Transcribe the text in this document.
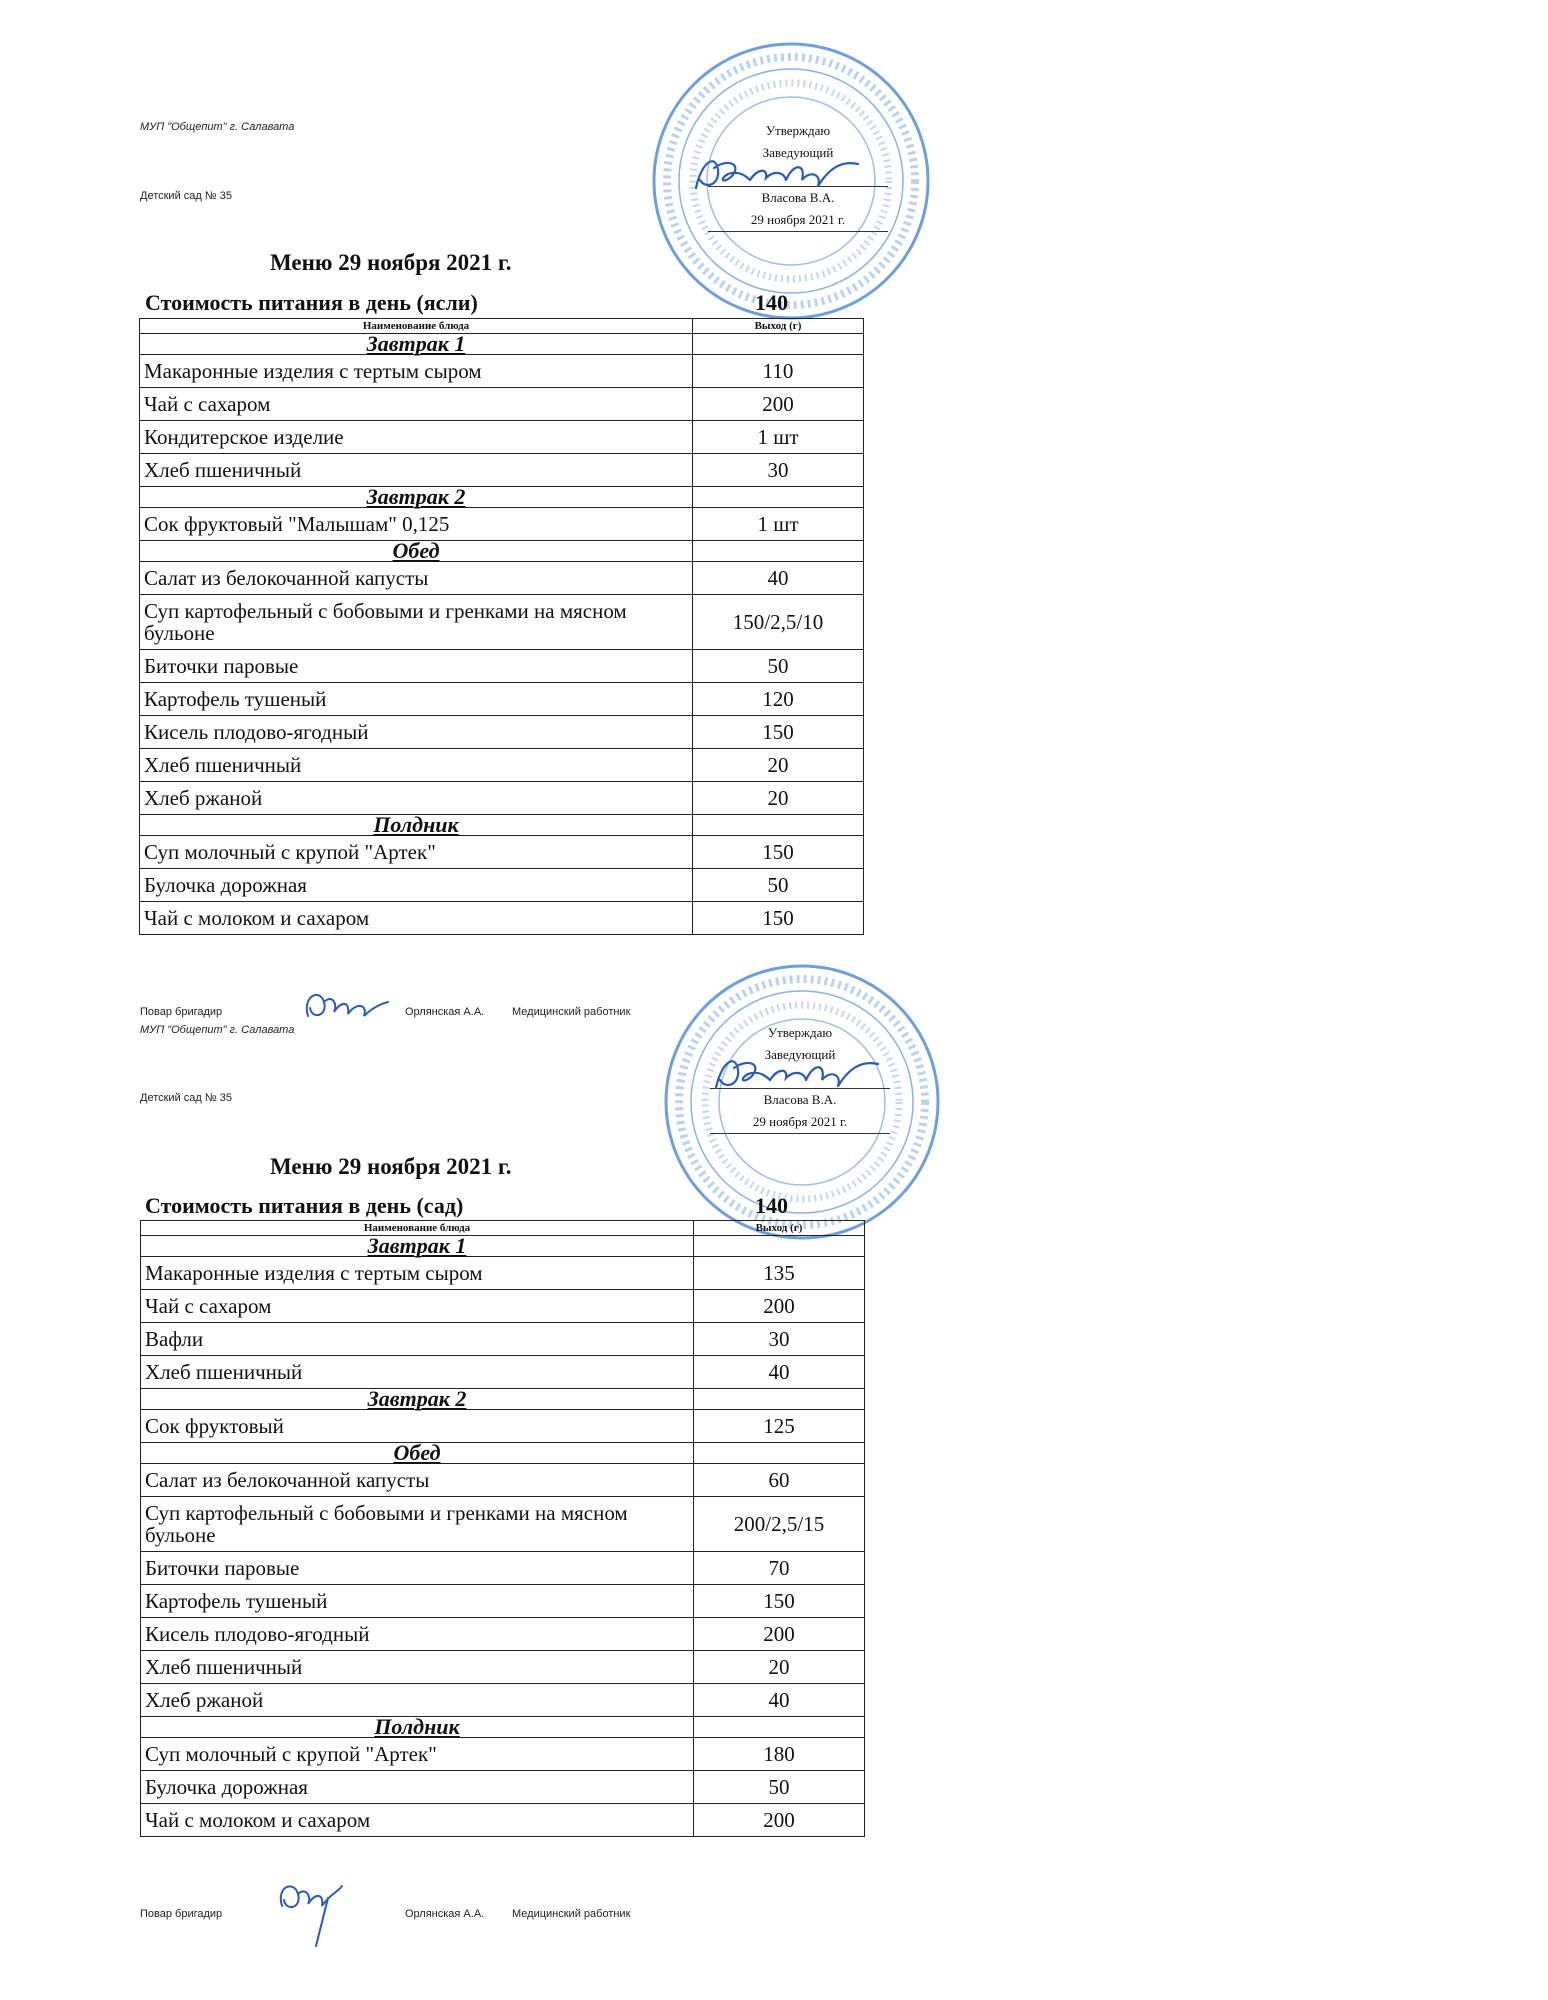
МУП "Общепит" г. Салавата
Детский сад № 35
Утверждаю
Заведующий
Власова В.А.
29 ноября 2021 г.
Меню 29 ноября 2021 г.
Стоимость питания в день (ясли)	140
Наименование блюда	Выход (г)
Завтрак 1	
Макаронные изделия с тертым сыром	110
Чай с сахаром	200
Кондитерское изделие	1 шт
Хлеб пшеничный	30
Завтрак 2	
Сок фруктовый "Малышам" 0,125	1 шт
Обед	
Салат из белокочанной капусты	40
Суп картофельный с бобовыми и гренками на мясном бульоне	150/2,5/10
Биточки паровые	50
Картофель тушеный	120
Кисель плодово-ягодный	150
Хлеб пшеничный	20
Хлеб ржаной	20
Полдник	
Суп молочный с крупой "Артек"	150
Булочка дорожная	50
Чай с молоком и сахаром	150
Повар бригадир	Орлянская А.А.	Медицинский работник
МУП "Общепит" г. Салавата
Детский сад № 35
Утверждаю
Заведующий
Власова В.А.
29 ноября 2021 г.
Меню 29 ноября 2021 г.
Стоимость питания в день (сад)	140
Наименование блюда	Выход (г)
Завтрак 1	
Макаронные изделия с тертым сыром	135
Чай с сахаром	200
Вафли	30
Хлеб пшеничный	40
Завтрак 2	
Сок фруктовый	125
Обед	
Салат из белокочанной капусты	60
Суп картофельный с бобовыми и гренками на мясном бульоне	200/2,5/15
Биточки паровые	70
Картофель тушеный	150
Кисель плодово-ягодный	200
Хлеб пшеничный	20
Хлеб ржаной	40
Полдник	
Суп молочный с крупой "Артек"	180
Булочка дорожная	50
Чай с молоком и сахаром	200
Повар бригадир	Орлянская А.А.	Медицинский работник
